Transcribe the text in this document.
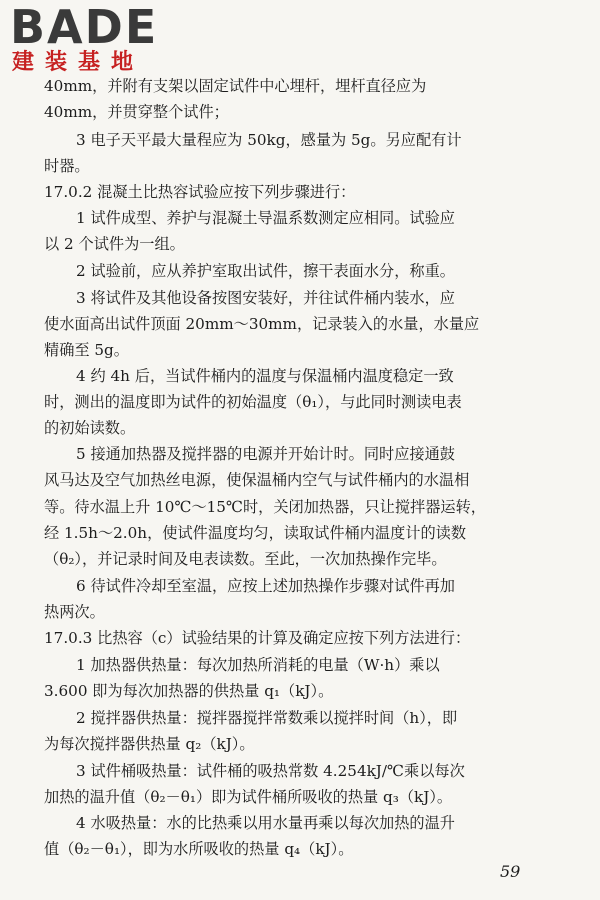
BADE
建装基地
40mm，并附有支架以固定试件中心埋杆，埋杆直径应为
40mm，并贯穿整个试件；
3 电子天平最大量程应为 50kg，感量为 5g。另应配有计
时器。
17.0.2 混凝土比热容试验应按下列步骤进行：
1 试件成型、养护与混凝土导温系数测定应相同。试验应
以 2 个试件为一组。
2 试验前，应从养护室取出试件，擦干表面水分，称重。
3 将试件及其他设备按图安装好，并往试件桶内装水，应
使水面高出试件顶面 20mm～30mm，记录装入的水量，水量应
精确至 5g。
4 约 4h 后，当试件桶内的温度与保温桶内温度稳定一致
时，测出的温度即为试件的初始温度（θ₁），与此同时测读电表
的初始读数。
5 接通加热器及搅拌器的电源并开始计时。同时应接通鼓
风马达及空气加热丝电源，使保温桶内空气与试件桶内的水温相
等。待水温上升 10℃～15℃时，关闭加热器，只让搅拌器运转，
经 1.5h～2.0h，使试件温度均匀，读取试件桶内温度计的读数
（θ₂），并记录时间及电表读数。至此，一次加热操作完毕。
6 待试件冷却至室温，应按上述加热操作步骤对试件再加
热两次。
17.0.3 比热容（c）试验结果的计算及确定应按下列方法进行：
1 加热器供热量：每次加热所消耗的电量（W·h）乘以
3.600 即为每次加热器的供热量 q₁（kJ）。
2 搅拌器供热量：搅拌器搅拌常数乘以搅拌时间（h），即
为每次搅拌器供热量 q₂（kJ）。
3 试件桶吸热量：试件桶的吸热常数 4.254kJ/℃乘以每次
加热的温升值（θ₂－θ₁）即为试件桶所吸收的热量 q₃（kJ）。
4 水吸热量：水的比热乘以用水量再乘以每次加热的温升
值（θ₂－θ₁），即为水所吸收的热量 q₄（kJ）。
59
